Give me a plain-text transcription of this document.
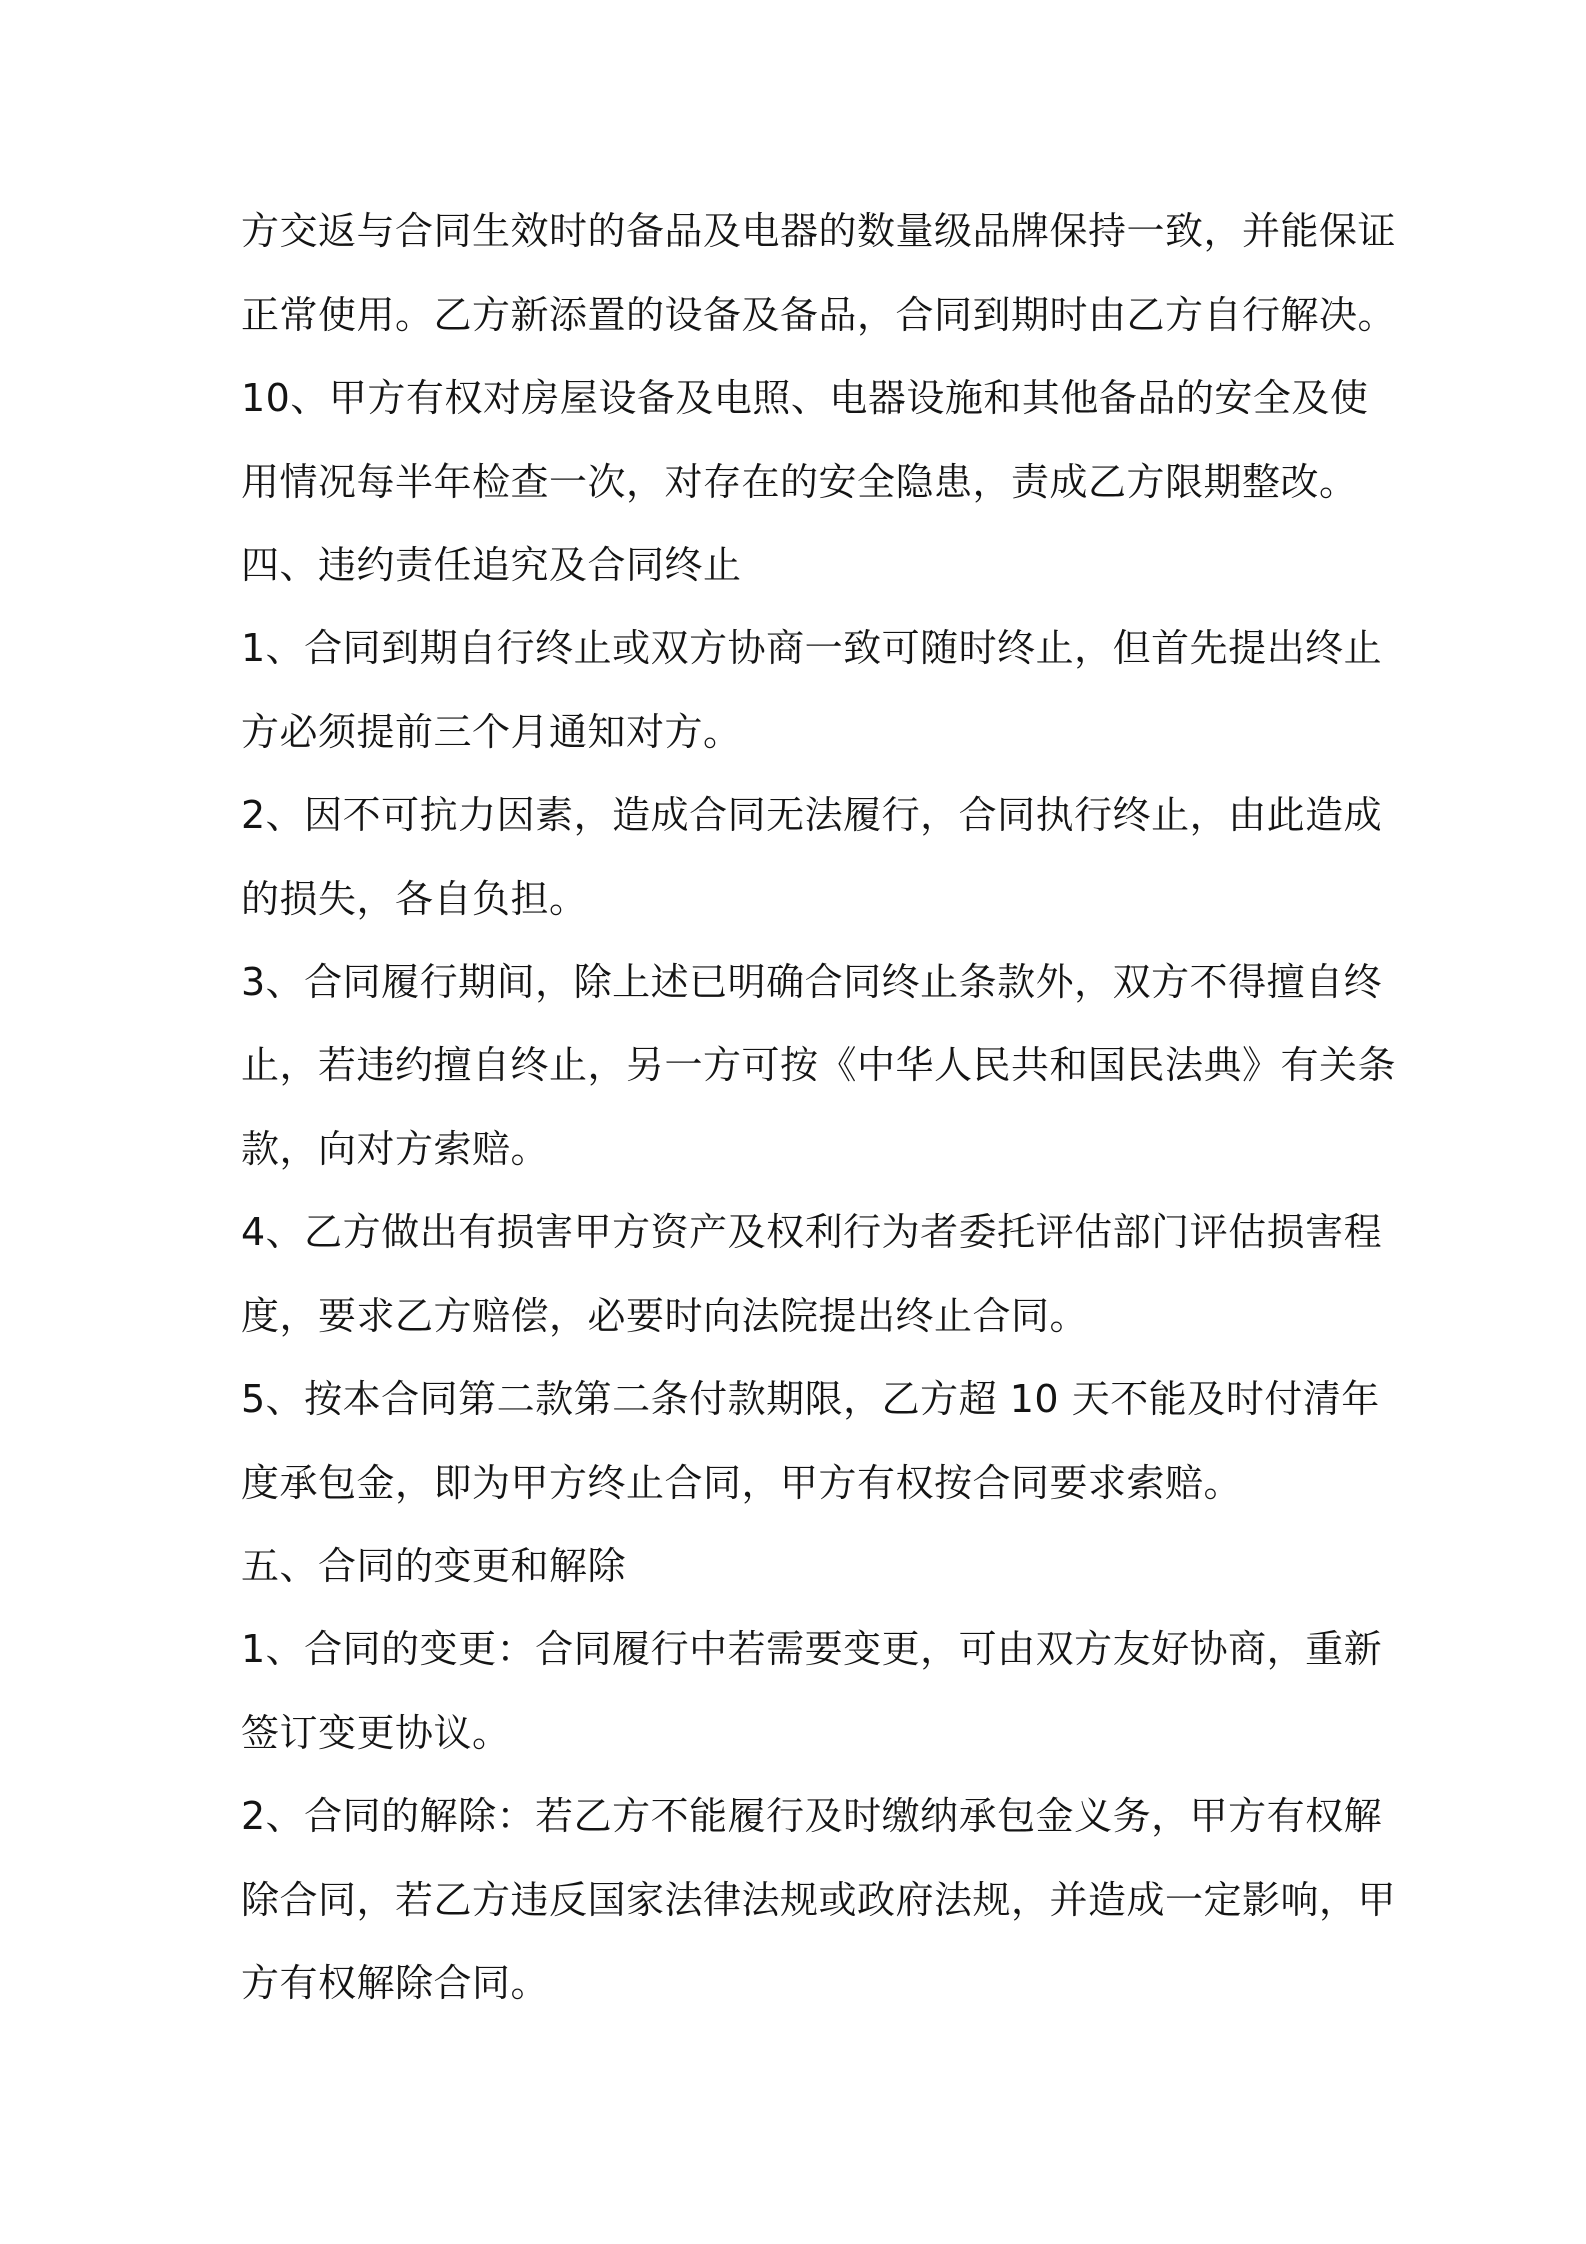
方交返与合同生效时的备品及电器的数量级品牌保持一致，并能保证

正常使用。乙方新添置的设备及备品，合同到期时由乙方自行解决。

10、甲方有权对房屋设备及电照、电器设施和其他备品的安全及使

用情况每半年检查一次，对存在的安全隐患，责成乙方限期整改。

四、违约责任追究及合同终止

1、合同到期自行终止或双方协商一致可随时终止，但首先提出终止

方必须提前三个月通知对方。

2、因不可抗力因素，造成合同无法履行，合同执行终止，由此造成

的损失，各自负担。

3、合同履行期间，除上述已明确合同终止条款外，双方不得擅自终

止，若违约擅自终止，另一方可按《中华人民共和国民法典》有关条

款，向对方索赔。

4、乙方做出有损害甲方资产及权利行为者委托评估部门评估损害程

度，要求乙方赔偿，必要时向法院提出终止合同。

5、按本合同第二款第二条付款期限，乙方超 10 天不能及时付清年

度承包金，即为甲方终止合同，甲方有权按合同要求索赔。

五、合同的变更和解除

1、合同的变更：合同履行中若需要变更，可由双方友好协商，重新

签订变更协议。

2、合同的解除：若乙方不能履行及时缴纳承包金义务，甲方有权解

除合同，若乙方违反国家法律法规或政府法规，并造成一定影响，甲

方有权解除合同。
